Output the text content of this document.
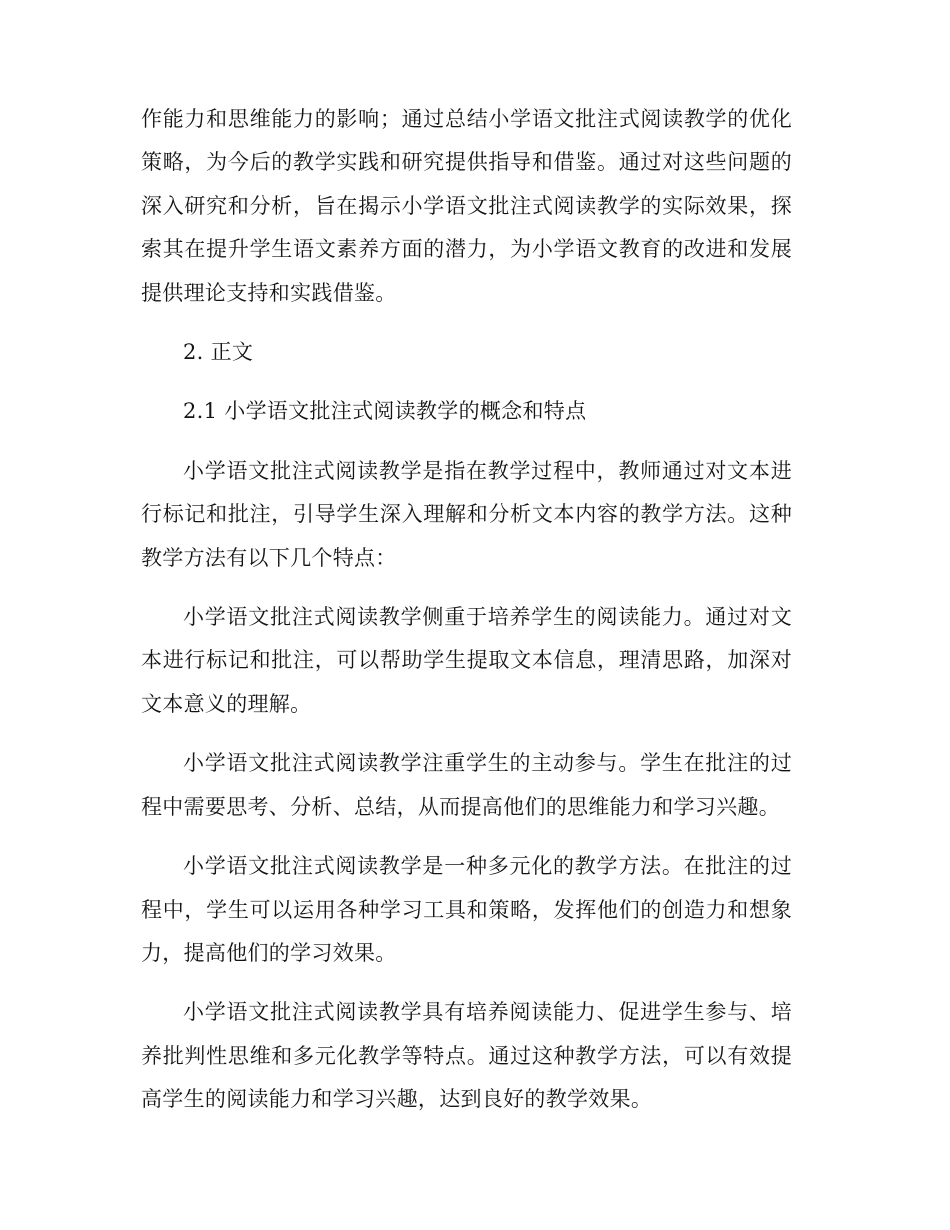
作能力和思维能力的影响；通过总结小学语文批注式阅读教学的优化策略，为今后的教学实践和研究提供指导和借鉴。通过对这些问题的深入研究和分析，旨在揭示小学语文批注式阅读教学的实际效果，探索其在提升学生语文素养方面的潜力，为小学语文教育的改进和发展提供理论支持和实践借鉴。

2. 正文

2.1 小学语文批注式阅读教学的概念和特点

小学语文批注式阅读教学是指在教学过程中，教师通过对文本进行标记和批注，引导学生深入理解和分析文本内容的教学方法。这种教学方法有以下几个特点：

小学语文批注式阅读教学侧重于培养学生的阅读能力。通过对文本进行标记和批注，可以帮助学生提取文本信息，理清思路，加深对文本意义的理解。

小学语文批注式阅读教学注重学生的主动参与。学生在批注的过程中需要思考、分析、总结，从而提高他们的思维能力和学习兴趣。

小学语文批注式阅读教学是一种多元化的教学方法。在批注的过程中，学生可以运用各种学习工具和策略，发挥他们的创造力和想象力，提高他们的学习效果。

小学语文批注式阅读教学具有培养阅读能力、促进学生参与、培养批判性思维和多元化教学等特点。通过这种教学方法，可以有效提高学生的阅读能力和学习兴趣，达到良好的教学效果。
